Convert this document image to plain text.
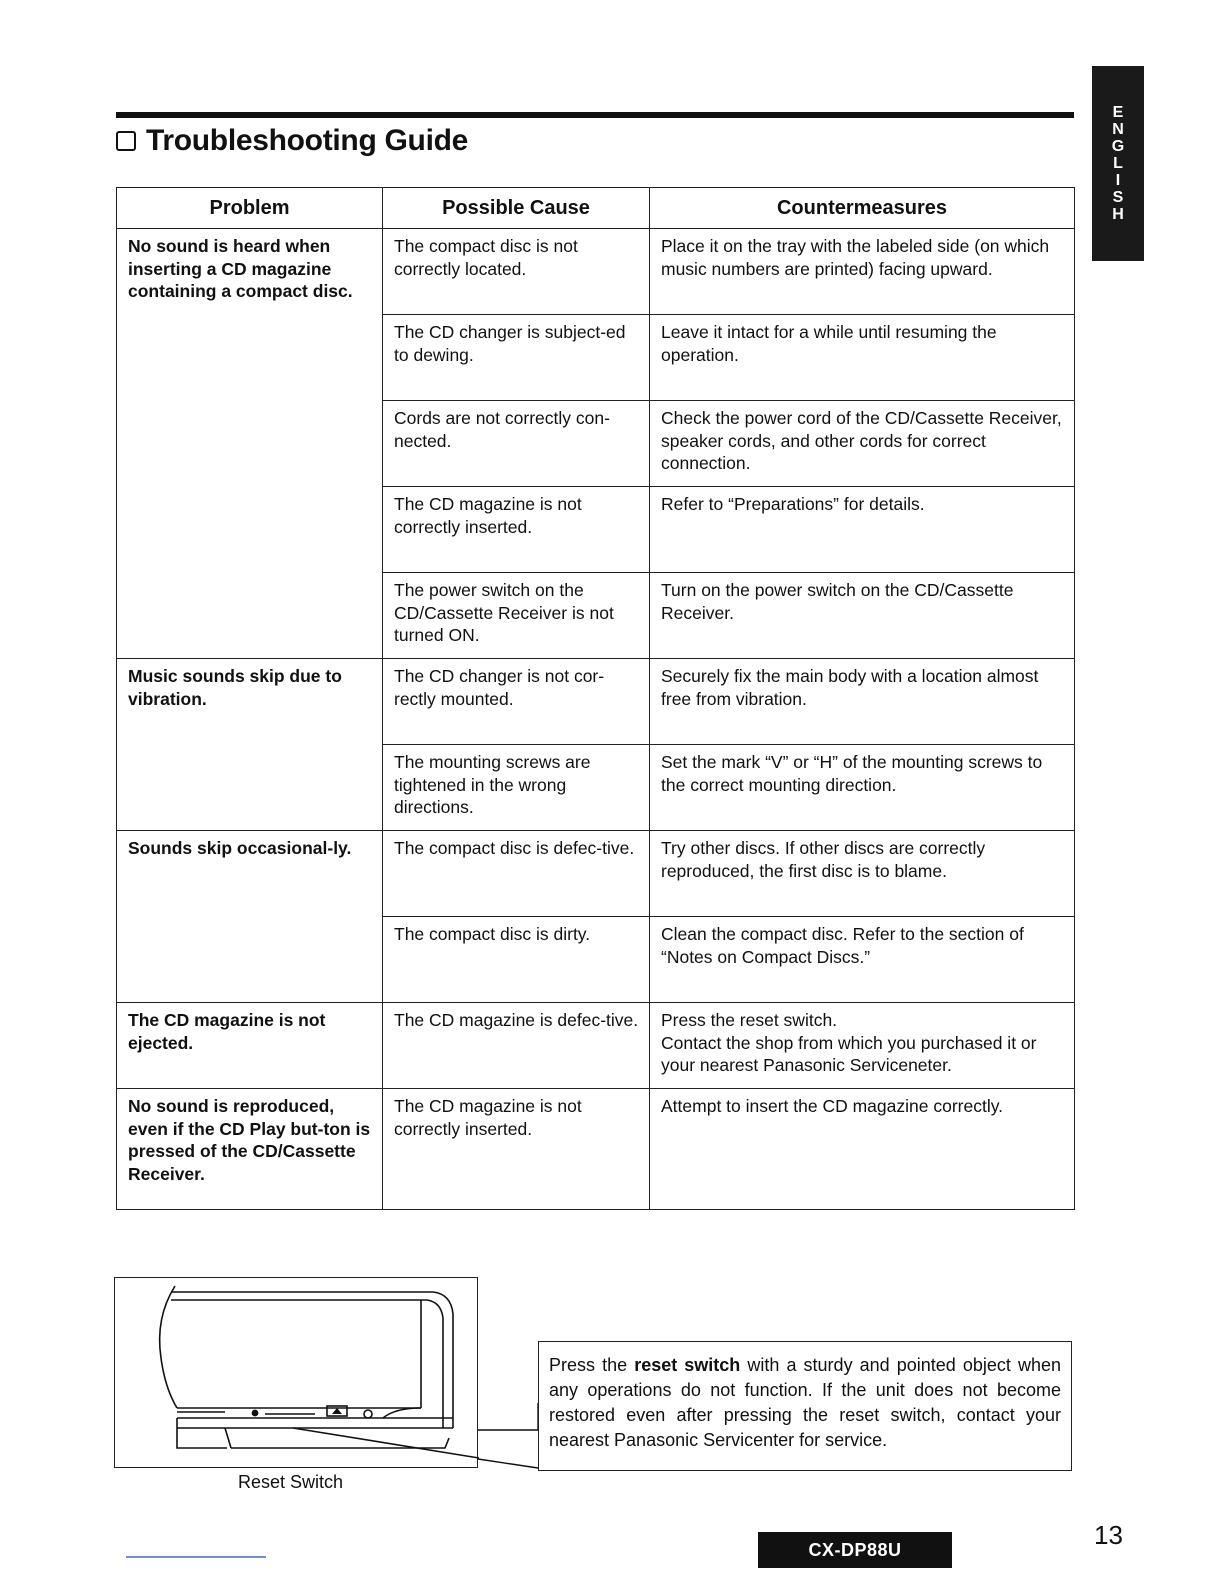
E
N
G
L
I
S
H
Troubleshooting Guide
Problem	Possible Cause	Countermeasures
No sound is heard when inserting a CD magazine containing a compact disc.	The compact disc is not correctly located.	Place it on the tray with the labeled side (on which music numbers are printed) facing upward.
	The CD changer is subject-ed to dewing.	Leave it intact for a while until resuming the operation.
	Cords are not correctly con-nected.	Check the power cord of the CD/Cassette Receiver, speaker cords, and other cords for correct connection.
	The CD magazine is not correctly inserted.	Refer to “Preparations” for details.
	The power switch on the CD/Cassette Receiver is not turned ON.	Turn on the power switch on the CD/Cassette Receiver.
Music sounds skip due to vibration.	The CD changer is not cor-rectly mounted.	Securely fix the main body with a location almost free from vibration.
	The mounting screws are tightened in the wrong directions.	Set the mark “V” or “H” of the mounting screws to the correct mounting direction.
Sounds skip occasional-ly.	The compact disc is defec-tive.	Try other discs. If other discs are correctly reproduced, the first disc is to blame.
	The compact disc is dirty.	Clean the compact disc. Refer to the section of “Notes on Compact Discs.”
The CD magazine is not ejected.	The CD magazine is defec-tive.	Press the reset switch.
Contact the shop from which you purchased it or your nearest Panasonic Serviceneter.
No sound is reproduced, even if the CD Play but-ton is pressed of the CD/Cassette Receiver.	The CD magazine is not correctly inserted.	Attempt to insert the CD magazine correctly.
Reset Switch
Press the reset switch with a sturdy and pointed object when any operations do not function. If the unit does not become restored even after pressing the reset switch, contact your nearest Panasonic Servicenter for service.
CX-DP88U	13
